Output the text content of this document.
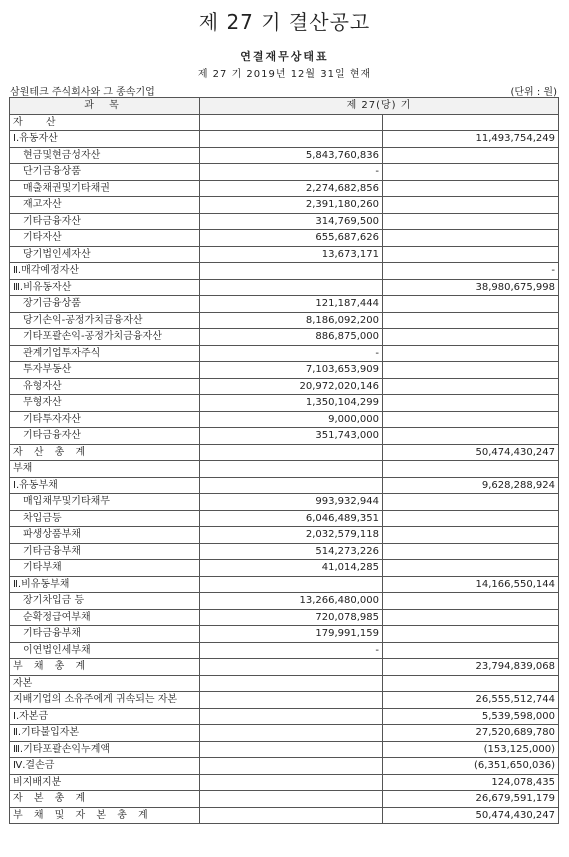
제 27 기 결산공고
연결재무상태표
제 27 기 2019년 12월 31일 현재
삼원테크 주식회사와 그 종속기업	(단위 : 원)
과 목	제 27(당) 기	
자 산		
Ⅰ.유동자산		11,493,754,249
현금및현금성자산	5,843,760,836	
단기금융상품	-	
매출채권및기타채권	2,274,682,856	
재고자산	2,391,180,260	
기타금융자산	314,769,500	
기타자산	655,687,626	
당기법인세자산	13,673,171	
Ⅱ.매각예정자산		-
Ⅲ.비유동자산		38,980,675,998
장기금융상품	121,187,444	
당기손익-공정가치금융자산	8,186,092,200	
기타포괄손익-공정가치금융자산	886,875,000	
관계기업투자주식	-	
투자부동산	7,103,653,909	
유형자산	20,972,020,146	
무형자산	1,350,104,299	
기타투자자산	9,000,000	
기타금융자산	351,743,000	
자 산 총 계		50,474,430,247
부채		
Ⅰ.유동부채		9,628,288,924
매입채무및기타채무	993,932,944	
차입금등	6,046,489,351	
파생상품부채	2,032,579,118	
기타금융부채	514,273,226	
기타부채	41,014,285	
Ⅱ.비유동부채		14,166,550,144
장기차입금 등	13,266,480,000	
순확정급여부채	720,078,985	
기타금융부채	179,991,159	
이연법인세부채	-	
부 채 총 계		23,794,839,068
자본		
지배기업의 소유주에게 귀속되는 자본		26,555,512,744
Ⅰ.자본금		5,539,598,000
Ⅱ.기타불입자본		27,520,689,780
Ⅲ.기타포괄손익누계액		(153,125,000)
Ⅳ.결손금		(6,351,650,036)
비지배지분		124,078,435
자 본 총 계		26,679,591,179
부 채 및 자 본 총 계		50,474,430,247
